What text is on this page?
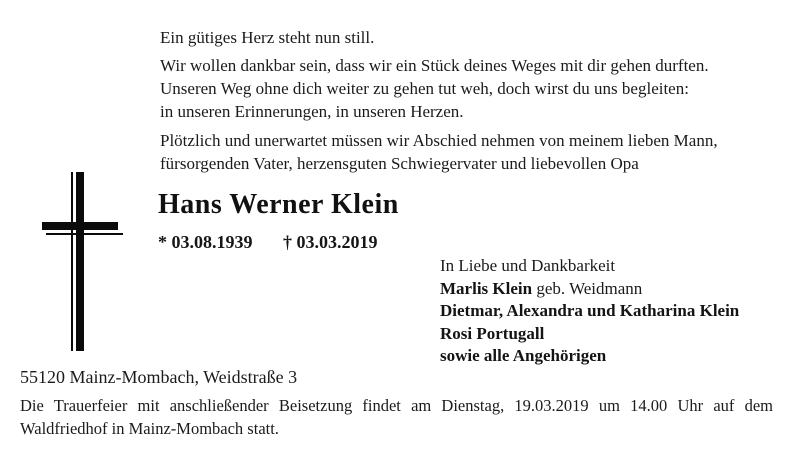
Ein gütiges Herz steht nun still.
Wir wollen dankbar sein, dass wir ein Stück deines Weges mit dir gehen durften.
Unseren Weg ohne dich weiter zu gehen tut weh, doch wirst du uns begleiten:
in unseren Erinnerungen, in unseren Herzen.
Plötzlich und unerwartet müssen wir Abschied nehmen von meinem lieben Mann,
fürsorgenden Vater, herzensguten Schwiegervater und liebevollen Opa
Hans Werner Klein
* 03.08.1939 † 03.03.2019
In Liebe und Dankbarkeit
Marlis Klein geb. Weidmann
Dietmar, Alexandra und Katharina Klein
Rosi Portugall
sowie alle Angehörigen
55120 Mainz-Mombach, Weidstraße 3
Die Trauerfeier mit anschließender Beisetzung findet am Dienstag, 19.03.2019 um 14.00 Uhr auf dem
Waldfriedhof in Mainz-Mombach statt.
